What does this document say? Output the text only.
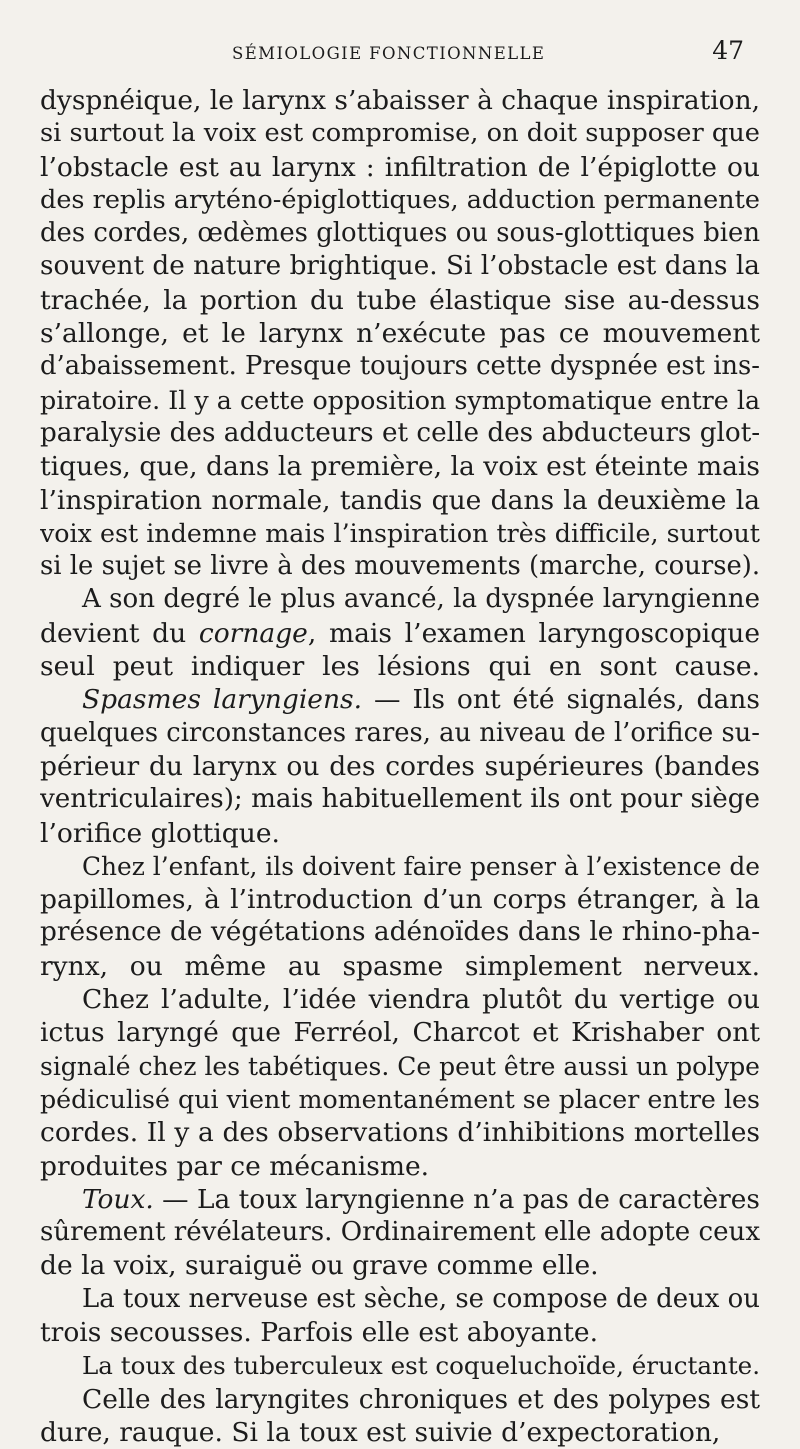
SÉMIOLOGIE FONCTIONNELLE	47
dyspnéique, le larynx s’abaisser à chaque inspiration,
si surtout la voix est compromise, on doit supposer que
l’obstacle est au larynx : infiltration de l’épiglotte ou
des replis aryténo-épiglottiques, adduction permanente
des cordes, œdèmes glottiques ou sous-glottiques bien
souvent de nature brightique. Si l’obstacle est dans la
trachée, la portion du tube élastique sise au-dessus
s’allonge, et le larynx n’exécute pas ce mouvement
d’abaissement. Presque toujours cette dyspnée est ins-
piratoire. Il y a cette opposition symptomatique entre la
paralysie des adducteurs et celle des abducteurs glot-
tiques, que, dans la première, la voix est éteinte mais
l’inspiration normale, tandis que dans la deuxième la
voix est indemne mais l’inspiration très difficile, surtout
si le sujet se livre à des mouvements (marche, course).
A son degré le plus avancé, la dyspnée laryngienne
devient du cornage, mais l’examen laryngoscopique
seul peut indiquer les lésions qui en sont cause.
Spasmes laryngiens. — Ils ont été signalés, dans
quelques circonstances rares, au niveau de l’orifice su-
périeur du larynx ou des cordes supérieures (bandes
ventriculaires); mais habituellement ils ont pour siège
l’orifice glottique.
Chez l’enfant, ils doivent faire penser à l’existence de
papillomes, à l’introduction d’un corps étranger, à la
présence de végétations adénoïdes dans le rhino-pha-
rynx, ou même au spasme simplement nerveux.
Chez l’adulte, l’idée viendra plutôt du vertige ou
ictus laryngé que Ferréol, Charcot et Krishaber ont
signalé chez les tabétiques. Ce peut être aussi un polype
pédiculisé qui vient momentanément se placer entre les
cordes. Il y a des observations d’inhibitions mortelles
produites par ce mécanisme.
Toux. — La toux laryngienne n’a pas de caractères
sûrement révélateurs. Ordinairement elle adopte ceux
de la voix, suraiguë ou grave comme elle.
La toux nerveuse est sèche, se compose de deux ou
trois secousses. Parfois elle est aboyante.
La toux des tuberculeux est coqueluchoïde, éructante.
Celle des laryngites chroniques et des polypes est
dure, rauque. Si la toux est suivie d’expectoration,
